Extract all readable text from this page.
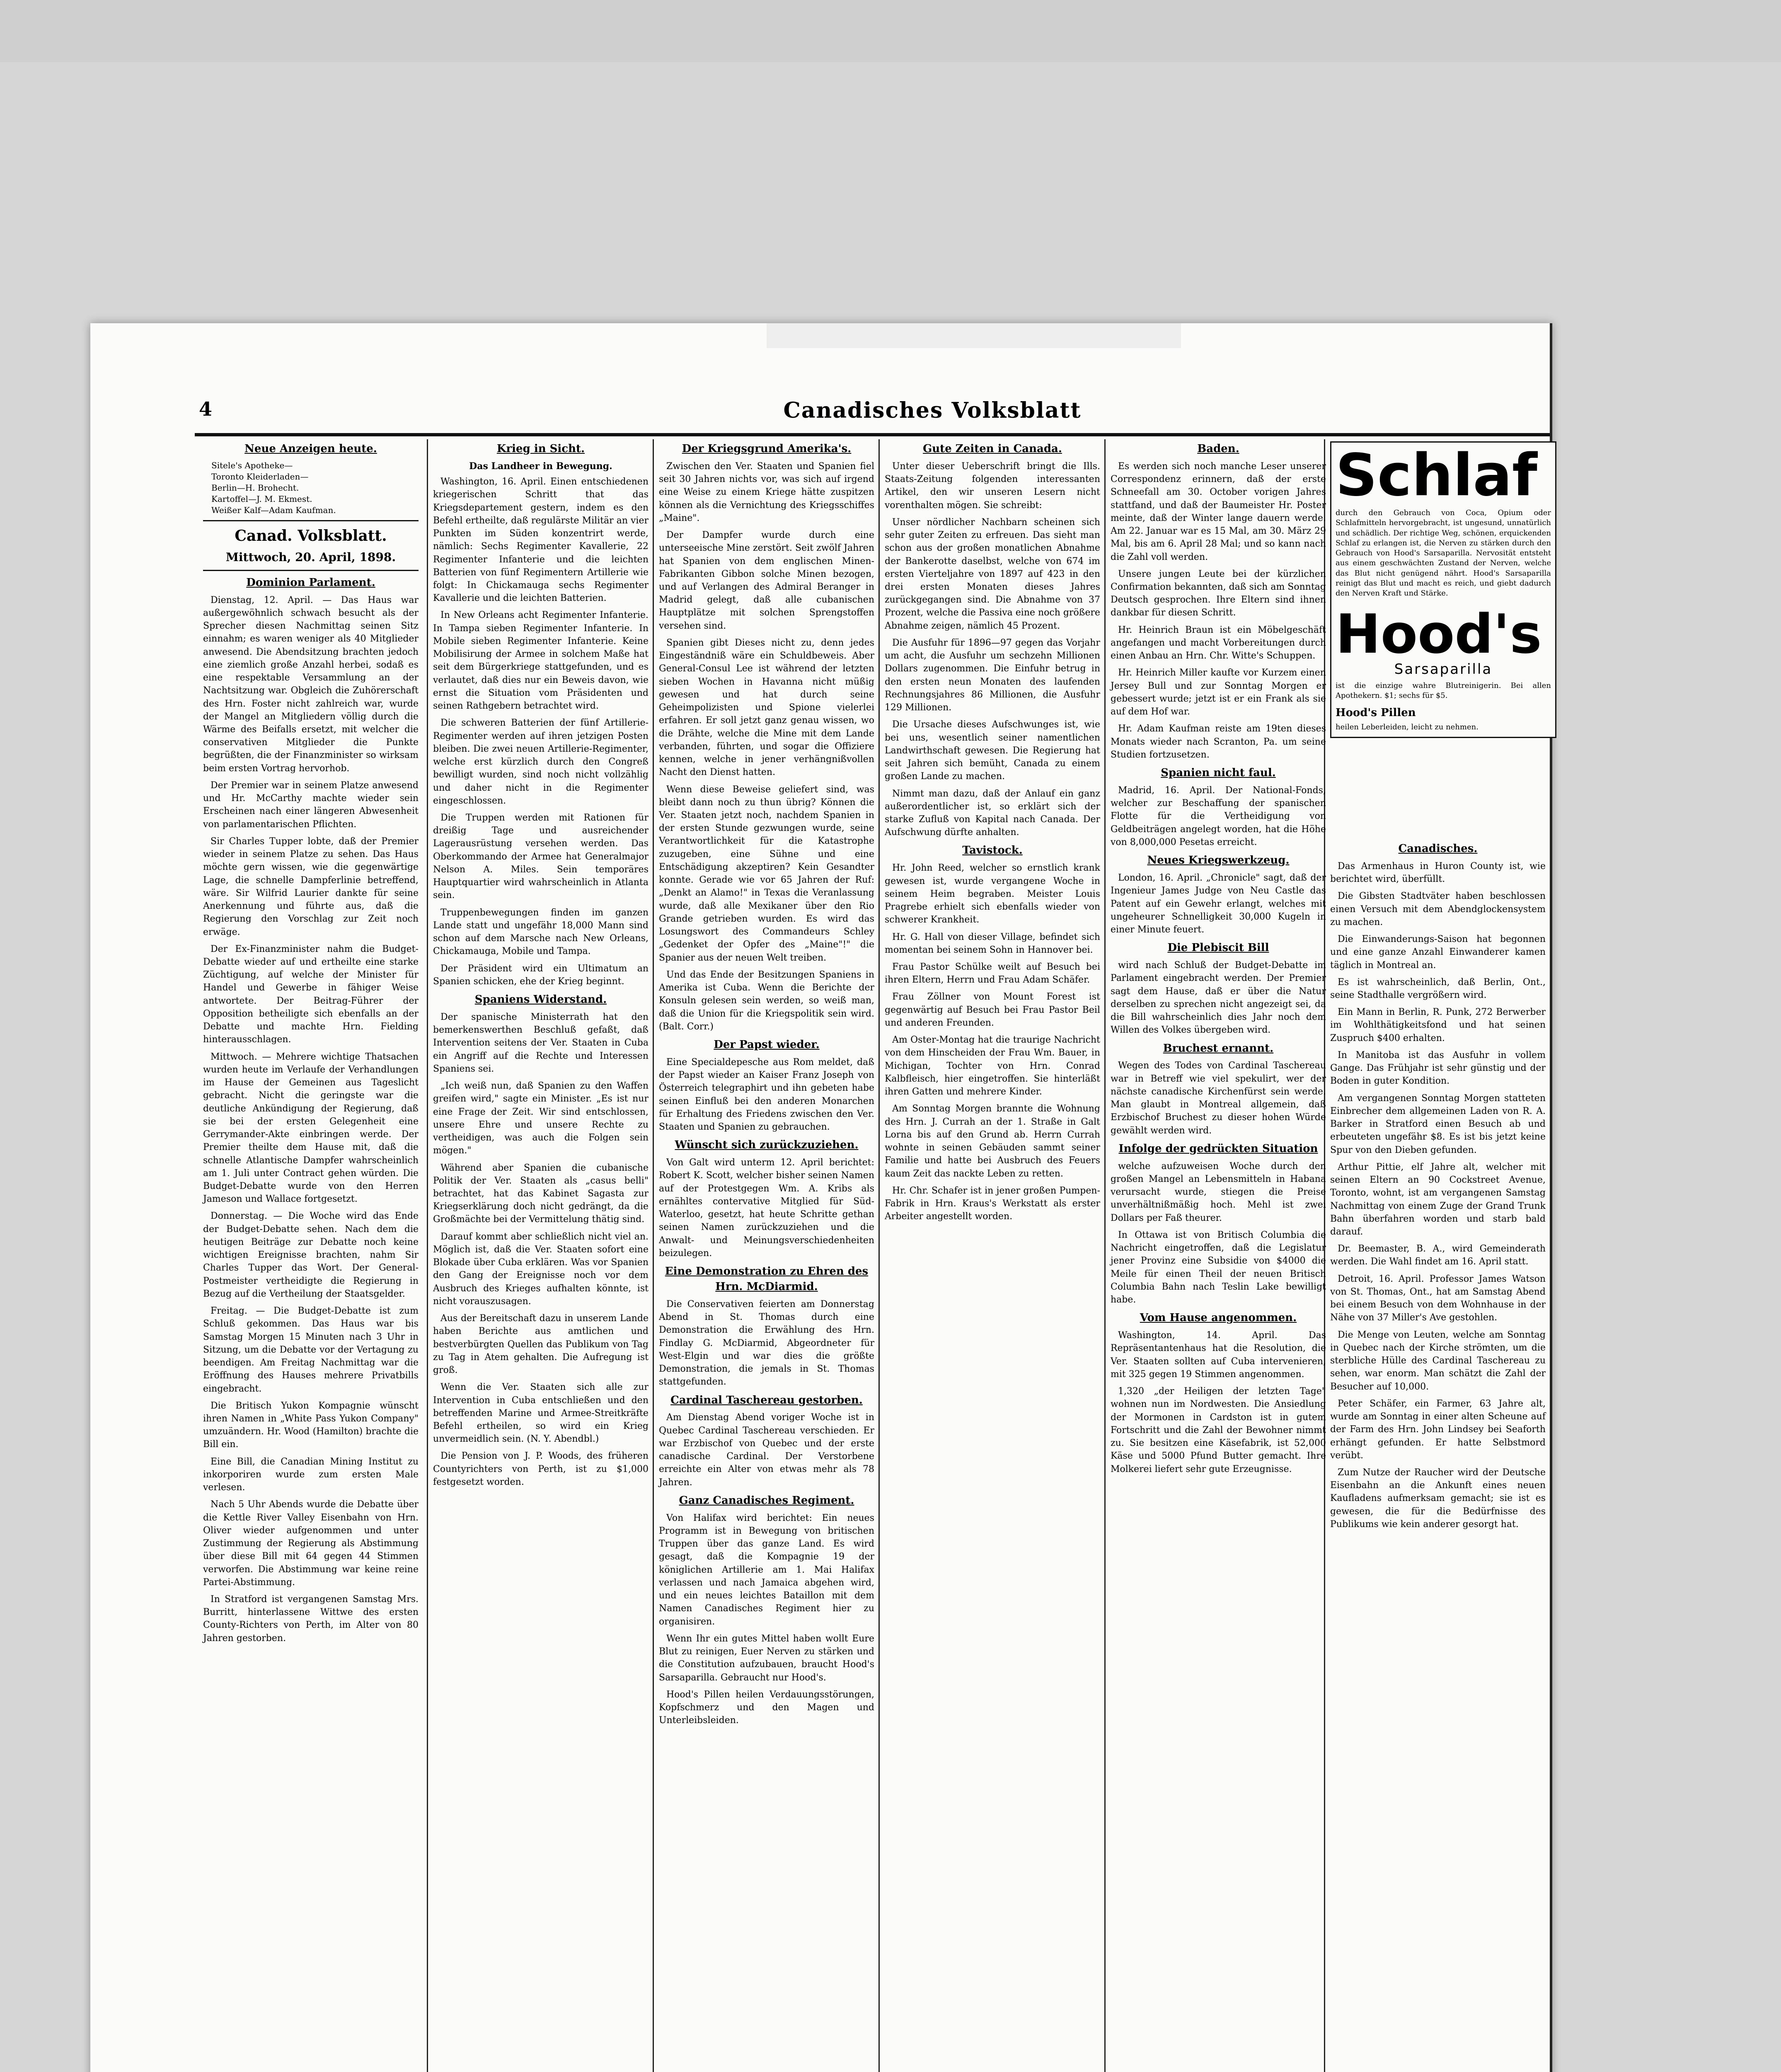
4	Canadisches Volksblatt
Neue Anzeigen heute.
Sitele's Apotheke—
Toronto Kleiderladen—
Berlin—H. Brohecht.
Kartoffel—J. M. Ekmest.
Weißer Kalf—Adam Kaufman.
Canad. Volksblatt.
Mittwoch, 20. April, 1898.
Dominion Parlament.

Dienstag, 12. April. — Das Haus war außergewöhnlich schwach besucht als der Sprecher diesen Nachmittag seinen Sitz einnahm; es waren weniger als 40 Mitglieder anwesend. Die Abendsitzung brachten jedoch eine ziemlich große Anzahl herbei, sodaß es eine respektable Versammlung an der Nachtsitzung war. Obgleich die Zuhörerschaft des Hrn. Foster nicht zahlreich war, wurde der Mangel an Mitgliedern völlig durch die Wärme des Beifalls ersetzt, mit welcher die conservativen Mitglieder die Punkte begrüßten, die der Finanzminister so wirksam beim ersten Vortrag hervorhob.

Der Premier war in seinem Platze anwesend und Hr. McCarthy machte wieder sein Erscheinen nach einer längeren Abwesenheit von parlamentarischen Pflichten.

Sir Charles Tupper lobte, daß der Premier wieder in seinem Platze zu sehen. Das Haus möchte gern wissen, wie die gegenwärtige Lage, die schnelle Dampferlinie betreffend, wäre. Sir Wilfrid Laurier dankte für seine Anerkennung und führte aus, daß die Regierung den Vorschlag zur Zeit noch erwäge.

Der Ex-Finanzminister nahm die Budget-Debatte wieder auf und ertheilte eine starke Züchtigung, auf welche der Minister für Handel und Gewerbe in fähiger Weise antwortete. Der Beitrag-Führer der Opposition betheiligte sich ebenfalls an der Debatte und machte Hrn. Fielding hinterausschlagen.

Mittwoch. — Mehrere wichtige Thatsachen wurden heute im Verlaufe der Verhandlungen im Hause der Gemeinen aus Tageslicht gebracht. Nicht die geringste war die deutliche Ankündigung der Regierung, daß sie bei der ersten Gelegenheit eine Gerrymander-Akte einbringen werde. Der Premier theilte dem Hause mit, daß die schnelle Atlantische Dampfer wahrscheinlich am 1. Juli unter Contract gehen würden. Die Budget-Debatte wurde von den Herren Jameson und Wallace fortgesetzt.

Donnerstag. — Die Woche wird das Ende der Budget-Debatte sehen. Nach dem die heutigen Beiträge zur Debatte noch keine wichtigen Ereignisse brachten, nahm Sir Charles Tupper das Wort. Der General-Postmeister vertheidigte die Regierung in Bezug auf die Vertheilung der Staatsgelder.

Freitag. — Die Budget-Debatte ist zum Schluß gekommen. Das Haus war bis Samstag Morgen 15 Minuten nach 3 Uhr in Sitzung, um die Debatte vor der Vertagung zu beendigen. Am Freitag Nachmittag war die Eröffnung des Hauses mehrere Privatbills eingebracht.

Die Britisch Yukon Kompagnie wünscht ihren Namen in „White Pass Yukon Company" umzuändern. Hr. Wood (Hamilton) brachte die Bill ein.

Eine Bill, die Canadian Mining Institut zu inkorporiren wurde zum ersten Male verlesen.

Nach 5 Uhr Abends wurde die Debatte über die Kettle River Valley Eisenbahn von Hrn. Oliver wieder aufgenommen und unter Zustimmung der Regierung als Abstimmung über diese Bill mit 64 gegen 44 Stimmen verworfen. Die Abstimmung war keine reine Partei-Abstimmung.

In Stratford ist vergangenen Samstag Mrs. Burritt, hinterlassene Wittwe des ersten County-Richters von Perth, im Alter von 80 Jahren gestorben.

Krieg in Sicht.
Das Landheer in Bewegung.

Washington, 16. April. Einen entschiedenen kriegerischen Schritt that das Kriegsdepartement gestern, indem es den Befehl ertheilte, daß regulärste Militär an vier Punkten im Süden konzentrirt werde, nämlich: Sechs Regimenter Kavallerie, 22 Regimenter Infanterie und die leichten Batterien von fünf Regimentern Artillerie wie folgt: In Chickamauga sechs Regimenter Kavallerie und die leichten Batterien.

In New Orleans acht Regimenter Infanterie. In Tampa sieben Regimenter Infanterie. In Mobile sieben Regimenter Infanterie. Keine Mobilisirung der Armee in solchem Maße hat seit dem Bürgerkriege stattgefunden, und es verlautet, daß dies nur ein Beweis davon, wie ernst die Situation vom Präsidenten und seinen Rathgebern betrachtet wird.

Die schweren Batterien der fünf Artillerie-Regimenter werden auf ihren jetzigen Posten bleiben. Die zwei neuen Artillerie-Regimenter, welche erst kürzlich durch den Congreß bewilligt wurden, sind noch nicht vollzählig und daher nicht in die Regimenter eingeschlossen.

Die Truppen werden mit Rationen für dreißig Tage und ausreichender Lagerausrüstung versehen werden. Das Oberkommando der Armee hat Generalmajor Nelson A. Miles. Sein temporäres Hauptquartier wird wahrscheinlich in Atlanta sein.

Truppenbewegungen finden im ganzen Lande statt und ungefähr 18,000 Mann sind schon auf dem Marsche nach New Orleans, Chickamauga, Mobile und Tampa.

Der Präsident wird ein Ultimatum an Spanien schicken, ehe der Krieg beginnt.

Spaniens Widerstand.

Der spanische Ministerrath hat den bemerkenswerthen Beschluß gefaßt, daß Intervention seitens der Ver. Staaten in Cuba ein Angriff auf die Rechte und Interessen Spaniens sei.

„Ich weiß nun, daß Spanien zu den Waffen greifen wird," sagte ein Minister. „Es ist nur eine Frage der Zeit. Wir sind entschlossen, unsere Ehre und unsere Rechte zu vertheidigen, was auch die Folgen sein mögen."

Während aber Spanien die cubanische Politik der Ver. Staaten als „casus belli" betrachtet, hat das Kabinet Sagasta zur Kriegserklärung doch nicht gedrängt, da die Großmächte bei der Vermittelung thätig sind.

Darauf kommt aber schließlich nicht viel an. Möglich ist, daß die Ver. Staaten sofort eine Blokade über Cuba erklären. Was vor Spanien den Gang der Ereignisse noch vor dem Ausbruch des Krieges aufhalten könnte, ist nicht vorauszusagen.

Aus der Bereitschaft dazu in unserem Lande haben Berichte aus amtlichen und bestverbürgten Quellen das Publikum von Tag zu Tag in Atem gehalten. Die Aufregung ist groß.

Wenn die Ver. Staaten sich alle zur Intervention in Cuba entschließen und den betreffenden Marine und Armee-Streitkräfte Befehl ertheilen, so wird ein Krieg unvermeidlich sein. (N. Y. Abendbl.)

Die Pension von J. P. Woods, des früheren Countyrichters von Perth, ist zu $1,000 festgesetzt worden.

Der Kriegsgrund Amerika's.

Zwischen den Ver. Staaten und Spanien fiel seit 30 Jahren nichts vor, was sich auf irgend eine Weise zu einem Kriege hätte zuspitzen können als die Vernichtung des Kriegsschiffes „Maine".

Der Dampfer wurde durch eine unterseeische Mine zerstört. Seit zwölf Jahren hat Spanien von dem englischen Minen-Fabrikanten Gibbon solche Minen bezogen, und auf Verlangen des Admiral Beranger in Madrid gelegt, daß alle cubanischen Hauptplätze mit solchen Sprengstoffen versehen sind.

Spanien gibt Dieses nicht zu, denn jedes Eingeständniß wäre ein Schuldbeweis. Aber General-Consul Lee ist während der letzten sieben Wochen in Havanna nicht müßig gewesen und hat durch seine Geheimpolizisten und Spione vielerlei erfahren. Er soll jetzt ganz genau wissen, wo die Drähte, welche die Mine mit dem Lande verbanden, führten, und sogar die Offiziere kennen, welche in jener verhängnißvollen Nacht den Dienst hatten.

Wenn diese Beweise geliefert sind, was bleibt dann noch zu thun übrig? Können die Ver. Staaten jetzt noch, nachdem Spanien in der ersten Stunde gezwungen wurde, seine Verantwortlichkeit für die Katastrophe zuzugeben, eine Sühne und eine Entschädigung akzeptiren? Kein Gesandter konnte. Gerade wie vor 65 Jahren der Ruf: „Denkt an Alamo!" in Texas die Veranlassung wurde, daß alle Mexikaner über den Rio Grande getrieben wurden. Es wird das Losungswort des Commandeurs Schley „Gedenket der Opfer des „Maine"!" die Spanier aus der neuen Welt treiben.

Und das Ende der Besitzungen Spaniens in Amerika ist Cuba. Wenn die Berichte der Konsuln gelesen sein werden, so weiß man, daß die Union für die Kriegspolitik sein wird. (Balt. Corr.)

Der Papst wieder.

Eine Specialdepesche aus Rom meldet, daß der Papst wieder an Kaiser Franz Joseph von Österreich telegraphirt und ihn gebeten habe seinen Einfluß bei den anderen Monarchen für Erhaltung des Friedens zwischen den Ver. Staaten und Spanien zu gebrauchen.

Wünscht sich zurückzuziehen.

Von Galt wird unterm 12. April berichtet: Robert K. Scott, welcher bisher seinen Namen auf der Protestgegen Wm. A. Kribs als ernähltes contervative Mitglied für Süd-Waterloo, gesetzt, hat heute Schritte gethan seinen Namen zurückzuziehen und die Anwalt- und Meinungsverschiedenheiten beizulegen.

Eine Demonstration zu Ehren des Hrn. McDiarmid.

Die Conservativen feierten am Donnerstag Abend in St. Thomas durch eine Demonstration die Erwählung des Hrn. Findlay G. McDiarmid, Abgeordneter für West-Elgin und war dies die größte Demonstration, die jemals in St. Thomas stattgefunden.

Cardinal Taschereau gestorben.

Am Dienstag Abend voriger Woche ist in Quebec Cardinal Taschereau verschieden. Er war Erzbischof von Quebec und der erste canadische Cardinal. Der Verstorbene erreichte ein Alter von etwas mehr als 78 Jahren.

Ganz Canadisches Regiment.

Von Halifax wird berichtet: Ein neues Programm ist in Bewegung von britischen Truppen über das ganze Land. Es wird gesagt, daß die Kompagnie 19 der königlichen Artillerie am 1. Mai Halifax verlassen und nach Jamaica abgehen wird, und ein neues leichtes Bataillon mit dem Namen Canadisches Regiment hier zu organisiren.

Wenn Ihr ein gutes Mittel haben wollt Eure Blut zu reinigen, Euer Nerven zu stärken und die Constitution aufzubauen, braucht Hood's Sarsaparilla. Gebraucht nur Hood's.

Hood's Pillen heilen Verdauungsstörungen, Kopfschmerz und den Magen und Unterleibsleiden.

Gute Zeiten in Canada.

Unter dieser Ueberschrift bringt die Ills. Staats-Zeitung folgenden interessanten Artikel, den wir unseren Lesern nicht vorenthalten mögen. Sie schreibt:

Unser nördlicher Nachbarn scheinen sich sehr guter Zeiten zu erfreuen. Das sieht man schon aus der großen monatlichen Abnahme der Bankerotte daselbst, welche von 674 im ersten Vierteljahre von 1897 auf 423 in den drei ersten Monaten dieses Jahres zurückgegangen sind. Die Abnahme von 37 Prozent, welche die Passiva eine noch größere Abnahme zeigen, nämlich 45 Prozent.

Die Ausfuhr für 1896—97 gegen das Vorjahr um acht, die Ausfuhr um sechzehn Millionen Dollars zugenommen. Die Einfuhr betrug in den ersten neun Monaten des laufenden Rechnungsjahres 86 Millionen, die Ausfuhr 129 Millionen.

Die Ursache dieses Aufschwunges ist, wie bei uns, wesentlich seiner namentlichen Landwirthschaft gewesen. Die Regierung hat seit Jahren sich bemüht, Canada zu einem großen Lande zu machen.

Nimmt man dazu, daß der Anlauf ein ganz außerordentlicher ist, so erklärt sich der starke Zufluß von Kapital nach Canada. Der Aufschwung dürfte anhalten.

Tavistock.

Hr. John Reed, welcher so ernstlich krank gewesen ist, wurde vergangene Woche in seinem Heim begraben. Meister Louis Pragrebe erhielt sich ebenfalls wieder von schwerer Krankheit.

Hr. G. Hall von dieser Village, befindet sich momentan bei seinem Sohn in Hannover bei.

Frau Pastor Schülke weilt auf Besuch bei ihren Eltern, Herrn und Frau Adam Schäfer.

Frau Zöllner von Mount Forest ist gegenwärtig auf Besuch bei Frau Pastor Beil und anderen Freunden.

Am Oster-Montag hat die traurige Nachricht von dem Hinscheiden der Frau Wm. Bauer, in Michigan, Tochter von Hrn. Conrad Kalbfleisch, hier eingetroffen. Sie hinterläßt ihren Gatten und mehrere Kinder.

Am Sonntag Morgen brannte die Wohnung des Hrn. J. Currah an der 1. Straße in Galt Lorna bis auf den Grund ab. Herrn Currah wohnte in seinen Gebäuden sammt seiner Familie und hatte bei Ausbruch des Feuers kaum Zeit das nackte Leben zu retten.

Hr. Chr. Schafer ist in jener großen Pumpen-Fabrik in Hrn. Kraus's Werkstatt als erster Arbeiter angestellt worden.

Baden.

Es werden sich noch manche Leser unserer Correspondenz erinnern, daß der erste Schneefall am 30. October vorigen Jahres stattfand, und daß der Baumeister Hr. Poster meinte, daß der Winter lange dauern werde. Am 22. Januar war es 15 Mal, am 30. März 29 Mal, bis am 6. April 28 Mal; und so kann nach die Zahl voll werden.

Unsere jungen Leute bei der kürzlichen Confirmation bekannten, daß sich am Sonntag Deutsch gesprochen. Ihre Eltern sind ihnen dankbar für diesen Schritt.

Hr. Heinrich Braun ist ein Möbelgeschäft angefangen und macht Vorbereitungen durch einen Anbau an Hrn. Chr. Witte's Schuppen.

Hr. Heinrich Miller kaufte vor Kurzem einen Jersey Bull und zur Sonntag Morgen er gebessert wurde; jetzt ist er ein Frank als sie auf dem Hof war.

Hr. Adam Kaufman reiste am 19ten dieses Monats wieder nach Scranton, Pa. um seine Studien fortzusetzen.

Spanien nicht faul.

Madrid, 16. April. Der National-Fonds, welcher zur Beschaffung der spanischen Flotte für die Vertheidigung von Geldbeiträgen angelegt worden, hat die Höhe von 8,000,000 Pesetas erreicht.

Neues Kriegswerkzeug.

London, 16. April. „Chronicle" sagt, daß der Ingenieur James Judge von Neu Castle das Patent auf ein Gewehr erlangt, welches mit ungeheurer Schnelligkeit 30,000 Kugeln in einer Minute feuert.

Die Plebiscit Bill

wird nach Schluß der Budget-Debatte im Parlament eingebracht werden. Der Premier sagt dem Hause, daß er über die Natur derselben zu sprechen nicht angezeigt sei, da die Bill wahrscheinlich dies Jahr noch dem Willen des Volkes übergeben wird.

Bruchest ernannt.

Wegen des Todes von Cardinal Taschereau war in Betreff wie viel spekulirt, wer der nächste canadische Kirchenfürst sein werde. Man glaubt in Montreal allgemein, daß Erzbischof Bruchest zu dieser hohen Würde gewählt werden wird.

Infolge der gedrückten Situation

welche aufzuweisen Woche durch den großen Mangel an Lebensmitteln in Habana verursacht wurde, stiegen die Preise unverhältnißmäßig hoch. Mehl ist zwei Dollars per Faß theurer.

In Ottawa ist von Britisch Columbia die Nachricht eingetroffen, daß die Legislatur jener Provinz eine Subsidie von $4000 die Meile für einen Theil der neuen Britisch Columbia Bahn nach Teslin Lake bewilligt habe.

Vom Hause angenommen.

Washington, 14. April. Das Repräsentantenhaus hat die Resolution, die Ver. Staaten sollten auf Cuba intervenieren, mit 325 gegen 19 Stimmen angenommen.

1,320 „der Heiligen der letzten Tage" wohnen nun im Nordwesten. Die Ansiedlung der Mormonen in Cardston ist in gutem Fortschritt und die Zahl der Bewohner nimmt zu. Sie besitzen eine Käsefabrik, ist 52,000 Käse und 5000 Pfund Butter gemacht. Ihre Molkerei liefert sehr gute Erzeugnisse.

Schlaf
durch den Gebrauch von Coca, Opium oder Schlafmitteln hervorgebracht, ist ungesund, unnatürlich und schädlich. Der richtige Weg, schönen, erquickenden Schlaf zu erlangen ist, die Nerven zu stärken durch den Gebrauch von Hood's Sarsaparilla. Nervosität entsteht aus einem geschwächten Zustand der Nerven, welche das Blut nicht genügend nährt. Hood's Sarsaparilla reinigt das Blut und macht es reich, und giebt dadurch den Nerven Kraft und Stärke.
Hood's
Sarsaparilla
ist die einzige wahre Blutreinigerin. Bei allen Apothekern. $1; sechs für $5.
Hood's Pillen
heilen Leberleiden, leicht zu nehmen.
Canadisches.

Das Armenhaus in Huron County ist, wie berichtet wird, überfüllt.

Die Gibsten Stadtväter haben beschlossen einen Versuch mit dem Abendglockensystem zu machen.

Die Einwanderungs-Saison hat begonnen und eine ganze Anzahl Einwanderer kamen täglich in Montreal an.

Es ist wahrscheinlich, daß Berlin, Ont., seine Stadthalle vergrößern wird.

Ein Mann in Berlin, R. Punk, 272 Berwerber im Wohlthätigkeitsfond und hat seinen Zuspruch $400 erhalten.

In Manitoba ist das Ausfuhr in vollem Gange. Das Frühjahr ist sehr günstig und der Boden in guter Kondition.

Am vergangenen Sonntag Morgen statteten Einbrecher dem allgemeinen Laden von R. A. Barker in Stratford einen Besuch ab und erbeuteten ungefähr $8. Es ist bis jetzt keine Spur von den Dieben gefunden.

Arthur Pittie, elf Jahre alt, welcher mit seinen Eltern an 90 Cockstreet Avenue, Toronto, wohnt, ist am vergangenen Samstag Nachmittag von einem Zuge der Grand Trunk Bahn überfahren worden und starb bald darauf.

Dr. Beemaster, B. A., wird Gemeinderath werden. Die Wahl findet am 16. April statt.

Detroit, 16. April. Professor James Watson von St. Thomas, Ont., hat am Samstag Abend bei einem Besuch von dem Wohnhause in der Nähe von 37 Miller's Ave gestohlen.

Die Menge von Leuten, welche am Sonntag in Quebec nach der Kirche strömten, um die sterbliche Hülle des Cardinal Taschereau zu sehen, war enorm. Man schätzt die Zahl der Besucher auf 10,000.

Peter Schäfer, ein Farmer, 63 Jahre alt, wurde am Sonntag in einer alten Scheune auf der Farm des Hrn. John Lindsey bei Seaforth erhängt gefunden. Er hatte Selbstmord verübt.

Zum Nutze der Raucher wird der Deutsche Eisenbahn an die Ankunft eines neuen Kaufladens aufmerksam gemacht; sie ist es gewesen, die für die Bedürfnisse des Publikums wie kein anderer gesorgt hat.
